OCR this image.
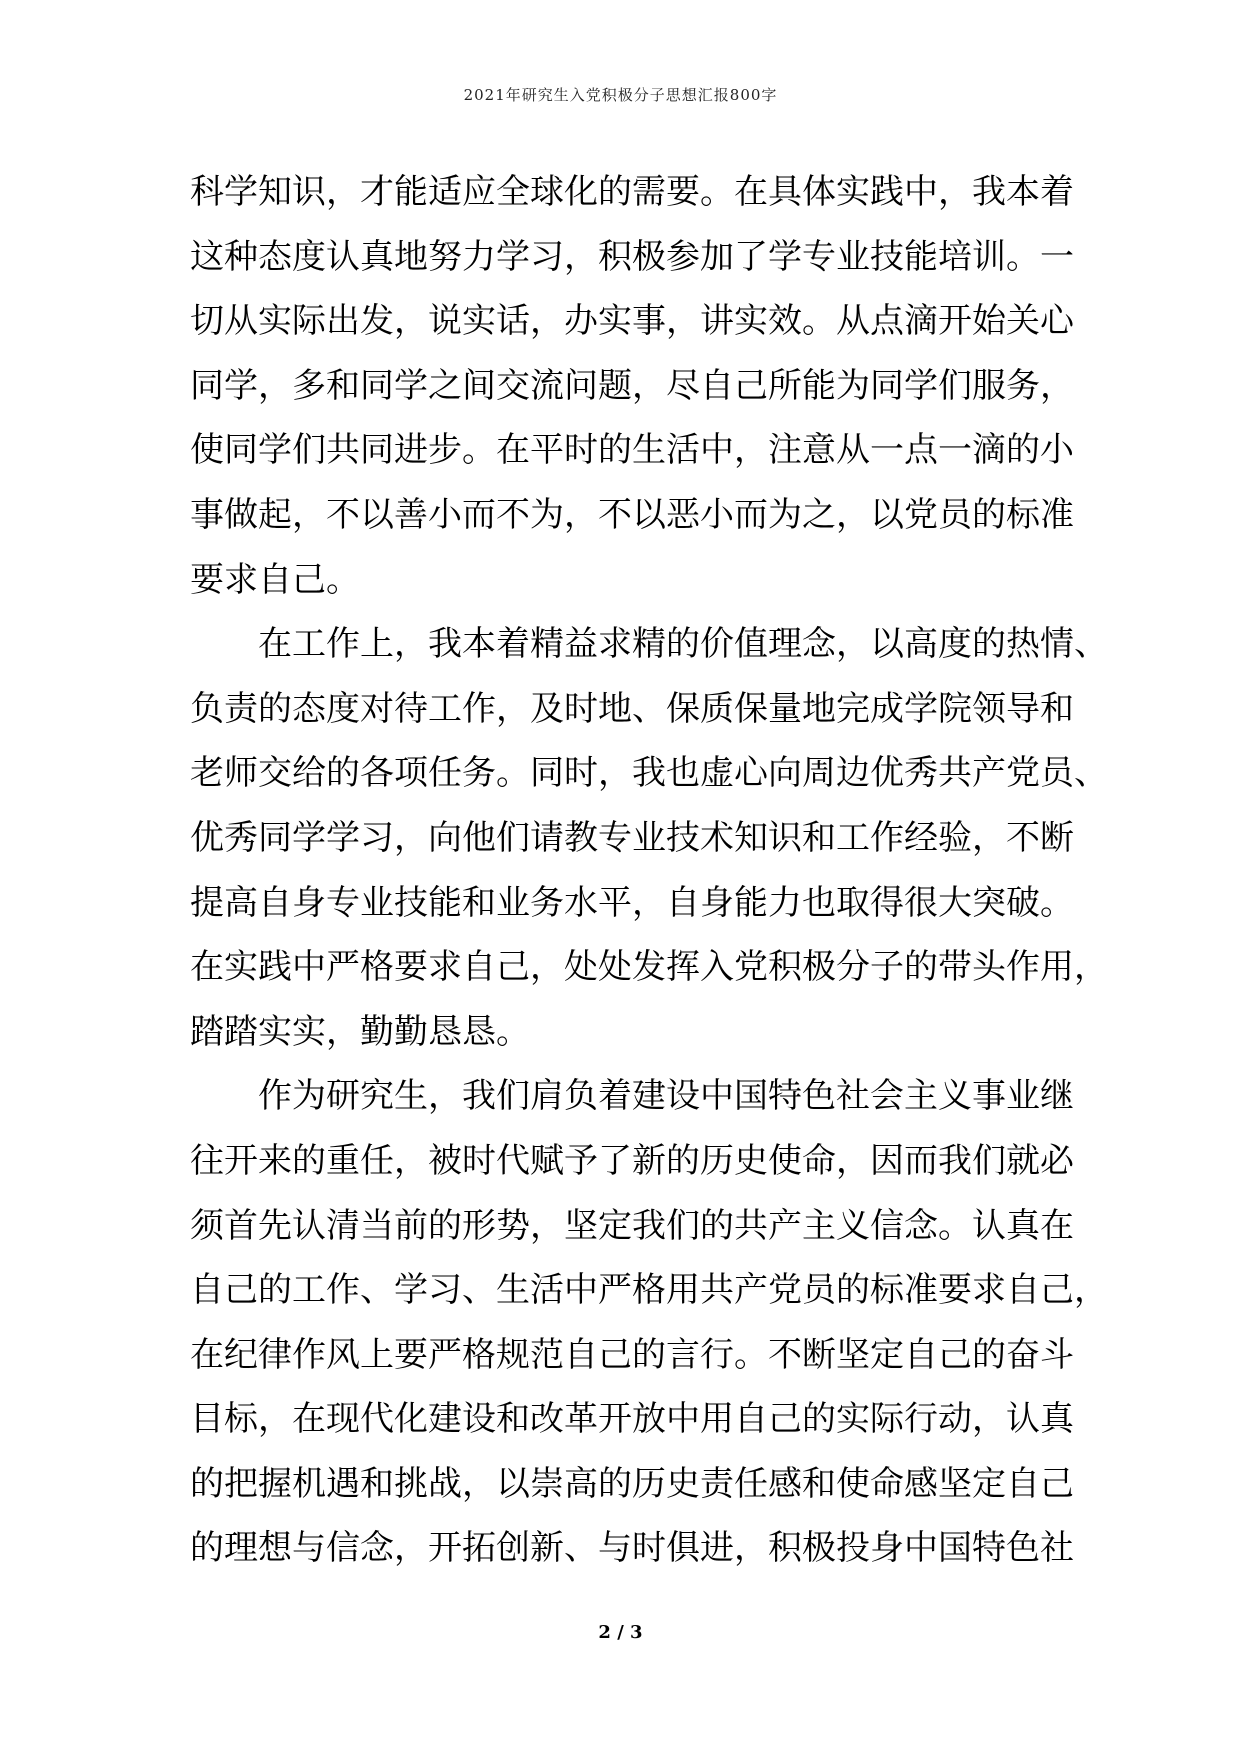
2021年研究生入党积极分子思想汇报800字
科学知识，才能适应全球化的需要。在具体实践中，我本着
这种态度认真地努力学习，积极参加了学专业技能培训。一
切从实际出发，说实话，办实事，讲实效。从点滴开始关心
同学，多和同学之间交流问题，尽自己所能为同学们服务，
使同学们共同进步。在平时的生活中，注意从一点一滴的小
事做起，不以善小而不为，不以恶小而为之，以党员的标准
要求自己。
在工作上，我本着精益求精的价值理念，以高度的热情、
负责的态度对待工作，及时地、保质保量地完成学院领导和
老师交给的各项任务。同时，我也虚心向周边优秀共产党员、
优秀同学学习，向他们请教专业技术知识和工作经验，不断
提高自身专业技能和业务水平，自身能力也取得很大突破。
在实践中严格要求自己，处处发挥入党积极分子的带头作用，
踏踏实实，勤勤恳恳。
作为研究生，我们肩负着建设中国特色社会主义事业继
往开来的重任，被时代赋予了新的历史使命，因而我们就必
须首先认清当前的形势，坚定我们的共产主义信念。认真在
自己的工作、学习、生活中严格用共产党员的标准要求自己，
在纪律作风上要严格规范自己的言行。不断坚定自己的奋斗
目标，在现代化建设和改革开放中用自己的实际行动，认真
的把握机遇和挑战，以崇高的历史责任感和使命感坚定自己
的理想与信念，开拓创新、与时俱进，积极投身中国特色社
2 / 3
